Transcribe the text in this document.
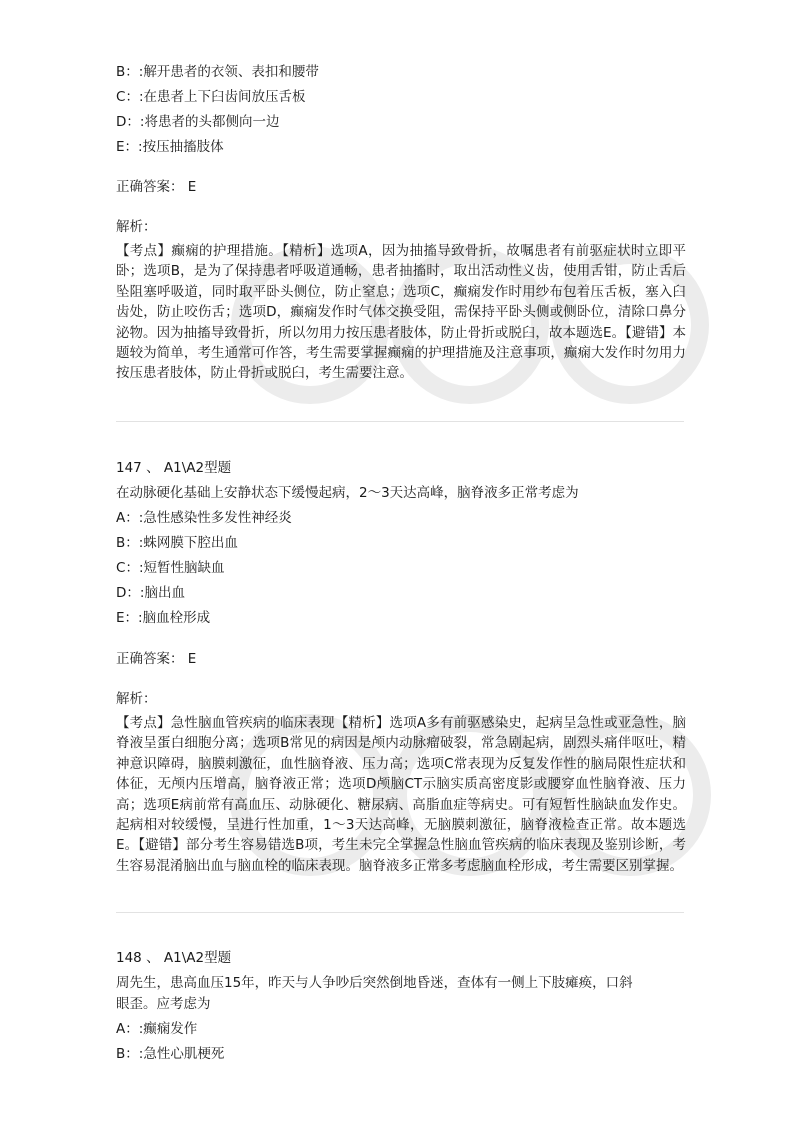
B：:解开患者的衣领、表扣和腰带
C：:在患者上下臼齿间放压舌板
D：:将患者的头都侧向一边
E：:按压抽搐肢体
正确答案： E
解析：
【考点】癫痫的护理措施。【精析】选项A，因为抽搐导致骨折，故嘱患者有前驱症状时立即平卧；选项B，是为了保持患者呼吸道通畅，患者抽搐时，取出活动性义齿，使用舌钳，防止舌后坠阻塞呼吸道，同时取平卧头侧位，防止窒息；选项C，癫痫发作时用纱布包着压舌板，塞入臼齿处，防止咬伤舌；选项D，癫痫发作时气体交换受阻，需保持平卧头侧或侧卧位，清除口鼻分泌物。因为抽搐导致骨折，所以勿用力按压患者肢体，防止骨折或脱臼，故本题选E。【避错】本题较为简单，考生通常可作答，考生需要掌握癫痫的护理措施及注意事项，癫痫大发作时勿用力按压患者肢体，防止骨折或脱臼，考生需要注意。
147 、 A1\A2型题
在动脉硬化基础上安静状态下缓慢起病，2～3天达高峰，脑脊液多正常考虑为
A：:急性感染性多发性神经炎
B：:蛛网膜下腔出血
C：:短暂性脑缺血
D：:脑出血
E：:脑血栓形成
正确答案： E
解析：
【考点】急性脑血管疾病的临床表现【精析】选项A多有前驱感染史，起病呈急性或亚急性，脑脊液呈蛋白细胞分离；选项B常见的病因是颅内动脉瘤破裂，常急剧起病，剧烈头痛伴呕吐，精神意识障碍，脑膜刺激征，血性脑脊液、压力高；选项C常表现为反复发作性的脑局限性症状和体征，无颅内压增高，脑脊液正常；选项D颅脑CT示脑实质高密度影或腰穿血性脑脊液、压力高；选项E病前常有高血压、动脉硬化、糖尿病、高脂血症等病史。可有短暂性脑缺血发作史。起病相对较缓慢，呈进行性加重，1～3天达高峰，无脑膜刺激征，脑脊液检查正常。故本题选E。【避错】部分考生容易错选B项，考生未完全掌握急性脑血管疾病的临床表现及鉴别诊断，考生容易混淆脑出血与脑血栓的临床表现。脑脊液多正常多考虑脑血栓形成，考生需要区别掌握。
148 、 A1\A2型题
周先生，患高血压15年，昨天与人争吵后突然倒地昏迷，查体有一侧上下肢瘫痪，口斜
眼歪。应考虑为
A：:癫痫发作
B：:急性心肌梗死
